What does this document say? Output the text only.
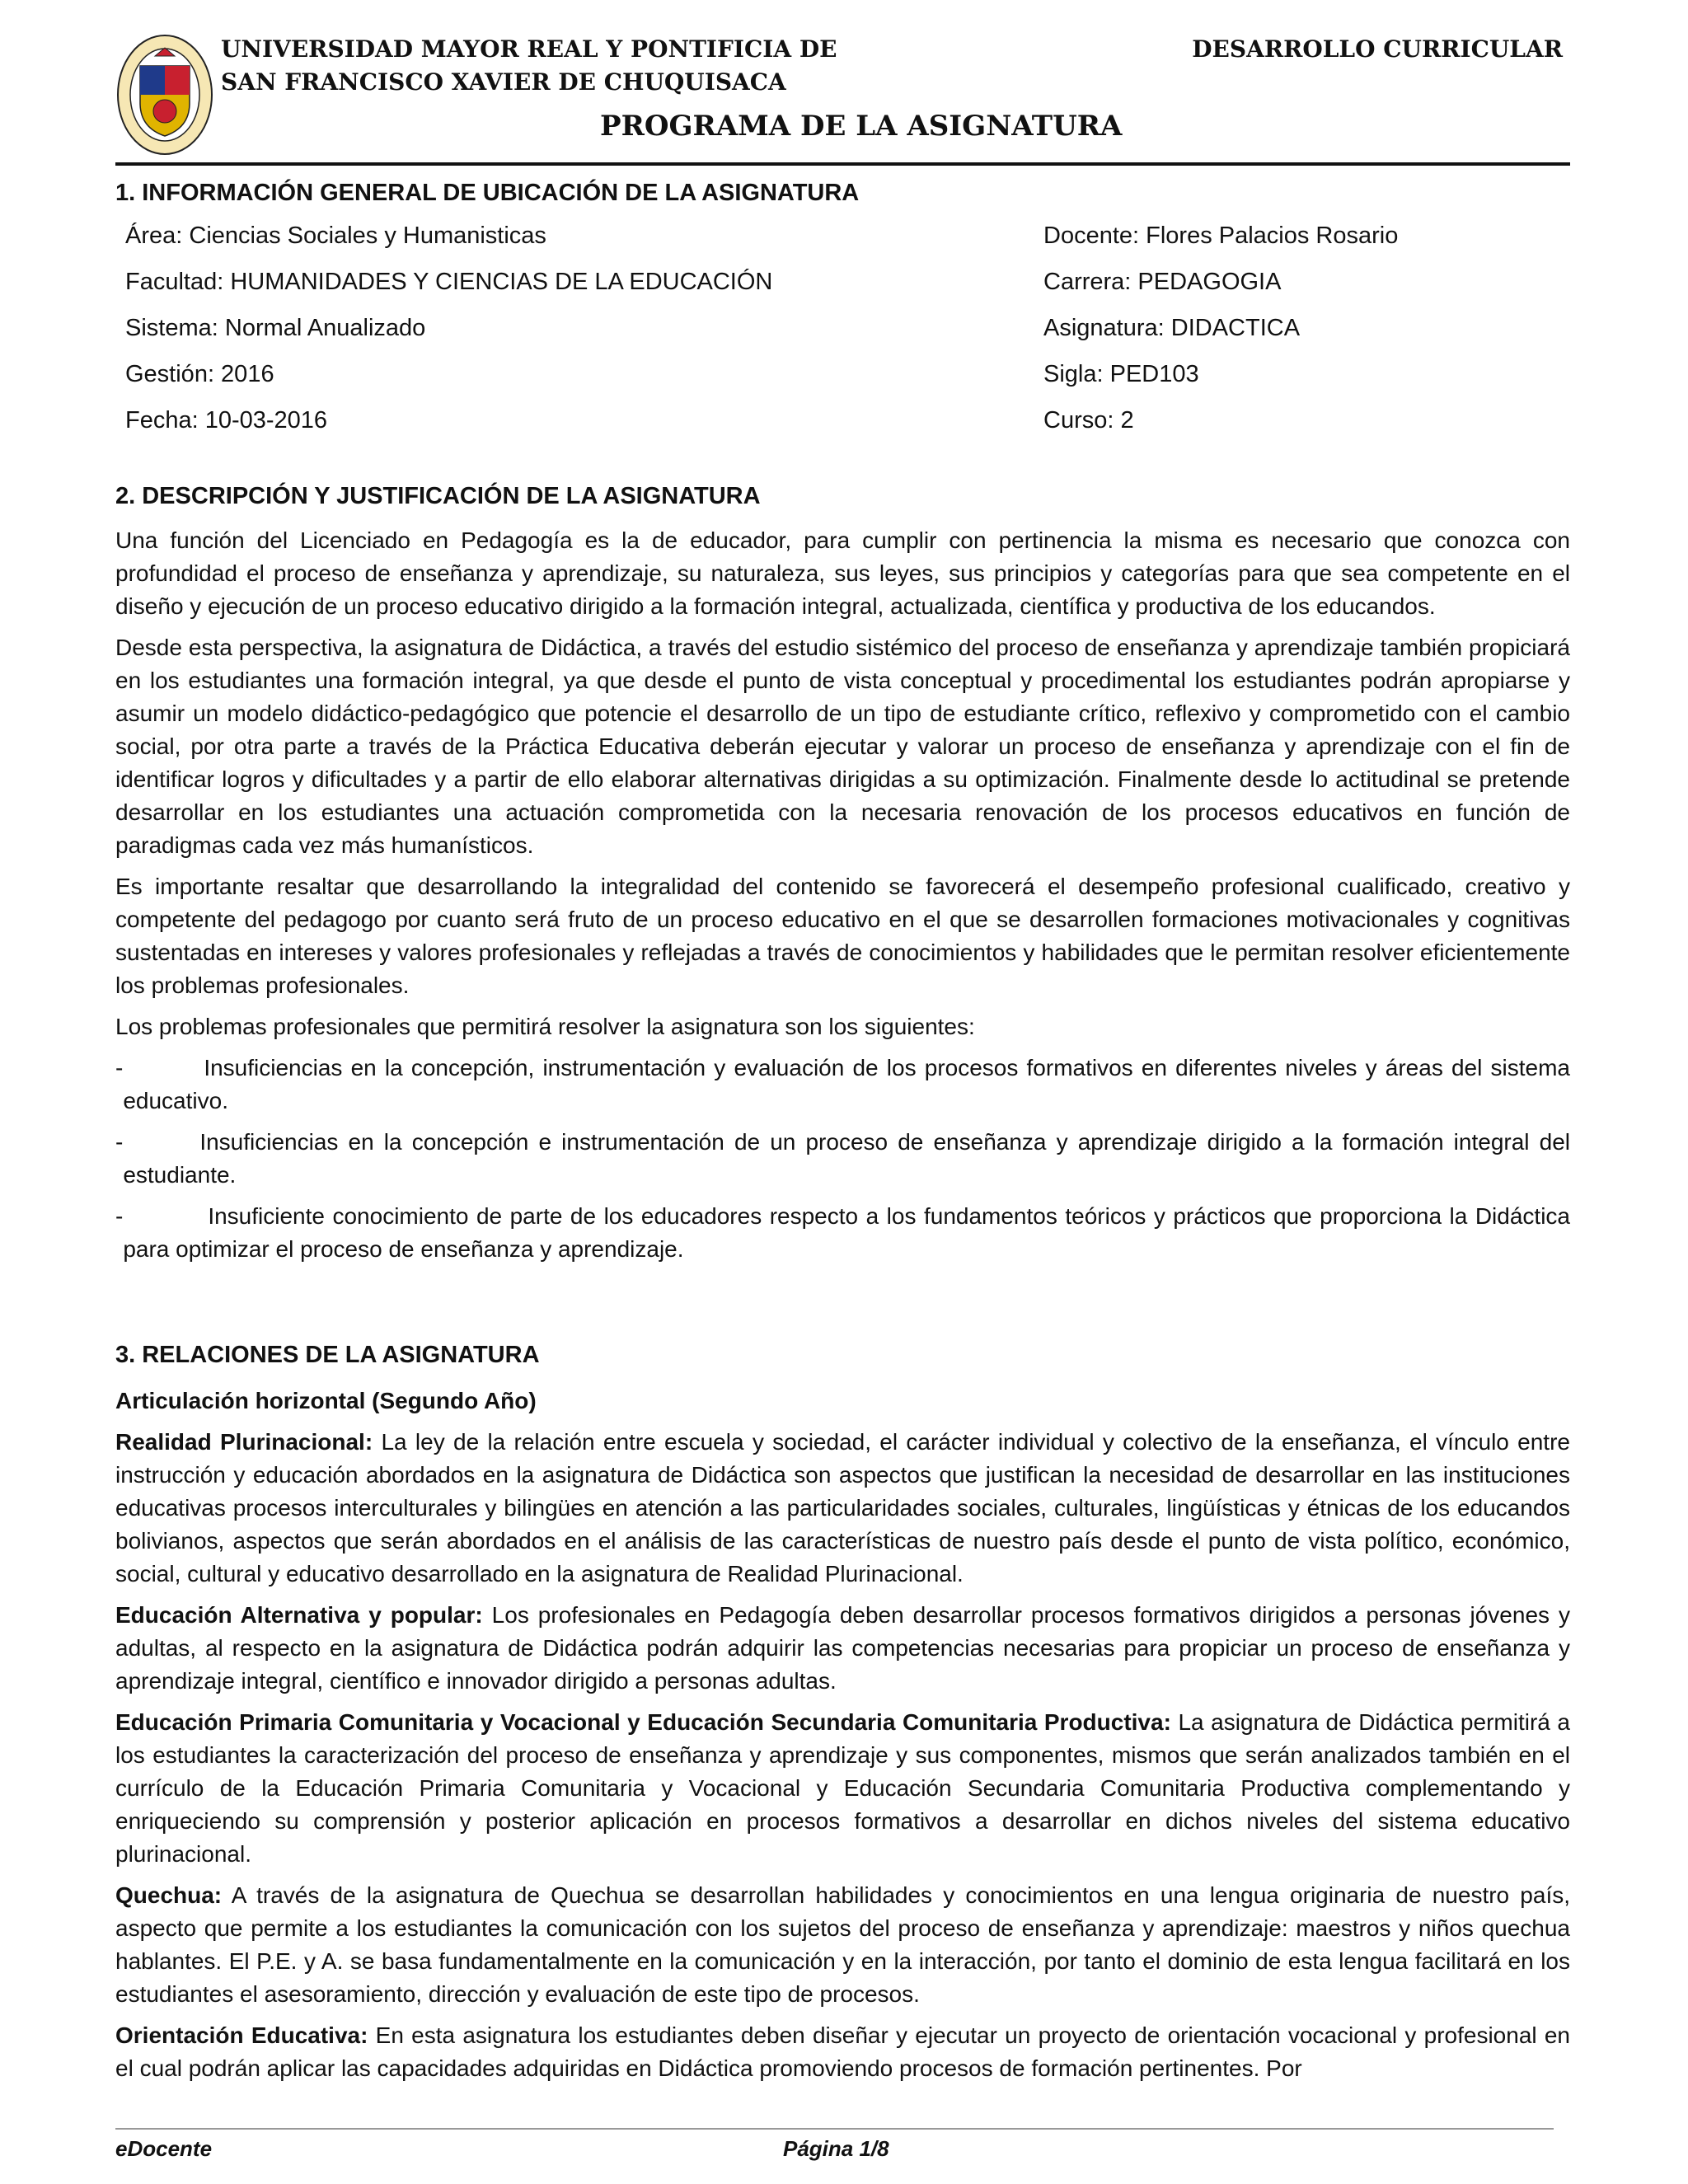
UNIVERSIDAD MAYOR REAL Y PONTIFICIA DE
SAN FRANCISCO XAVIER DE CHUQUISACA
DESARROLLO CURRICULAR
PROGRAMA DE LA ASIGNATURA
1. INFORMACIÓN GENERAL DE UBICACIÓN DE LA ASIGNATURA
Área: Ciencias Sociales y Humanisticas
Facultad: HUMANIDADES Y CIENCIAS DE LA EDUCACIÓN
Sistema: Normal Anualizado
Gestión: 2016
Fecha: 10-03-2016
Docente: Flores Palacios Rosario
Carrera: PEDAGOGIA
Asignatura: DIDACTICA
Sigla: PED103
Curso: 2
2. DESCRIPCIÓN Y JUSTIFICACIÓN DE LA ASIGNATURA

Una función del Licenciado en Pedagogía es la de educador, para cumplir con pertinencia la misma es necesario que conozca con profundidad el proceso de enseñanza y aprendizaje, su naturaleza, sus leyes, sus principios y categorías para que sea competente en el diseño y ejecución de un proceso educativo dirigido a la formación integral, actualizada, científica y productiva de los educandos.

Desde esta perspectiva, la asignatura de Didáctica, a través del estudio sistémico del proceso de enseñanza y aprendizaje también propiciará en los estudiantes una formación integral, ya que desde el punto de vista conceptual y procedimental los estudiantes podrán apropiarse y asumir un modelo didáctico-pedagógico que potencie el desarrollo de un tipo de estudiante crítico, reflexivo y comprometido con el cambio social, por otra parte a través de la Práctica Educativa deberán ejecutar y valorar un proceso de enseñanza y aprendizaje con el fin de identificar logros y dificultades y a partir de ello elaborar alternativas dirigidas a su optimización. Finalmente desde lo actitudinal se pretende desarrollar en los estudiantes una actuación comprometida con la necesaria renovación de los procesos educativos en función de paradigmas cada vez más humanísticos.

Es importante resaltar que desarrollando la integralidad del contenido se favorecerá el desempeño profesional cualificado, creativo y competente del pedagogo por cuanto será fruto de un proceso educativo en el que se desarrollen formaciones motivacionales y cognitivas sustentadas en intereses y valores profesionales y reflejadas a través de conocimientos y habilidades que le permitan resolver eficientemente los problemas profesionales.

Los problemas profesionales que permitirá resolver la asignatura son los siguientes:

-	Insuficiencias en la concepción, instrumentación y evaluación de los procesos formativos en diferentes niveles y áreas del sistema educativo.
-	Insuficiencias en la concepción e instrumentación de un proceso de enseñanza y aprendizaje dirigido a la formación integral del estudiante.
-	Insuficiente conocimiento de parte de los educadores respecto a los fundamentos teóricos y prácticos que proporciona la Didáctica para optimizar el proceso de enseñanza y aprendizaje.
3. RELACIONES DE LA ASIGNATURA

Articulación horizontal (Segundo Año)

Realidad Plurinacional: La ley de la relación entre escuela y sociedad, el carácter individual y colectivo de la enseñanza, el vínculo entre instrucción y educación abordados en la asignatura de Didáctica son aspectos que justifican la necesidad de desarrollar en las instituciones educativas procesos interculturales y bilingües en atención a las particularidades sociales, culturales, lingüísticas y étnicas de los educandos bolivianos, aspectos que serán abordados en el análisis de las características de nuestro país desde el punto de vista político, económico, social, cultural y educativo desarrollado en la asignatura de Realidad Plurinacional.

Educación Alternativa y popular: Los profesionales en Pedagogía deben desarrollar procesos formativos dirigidos a personas jóvenes y adultas, al respecto en la asignatura de Didáctica podrán adquirir las competencias necesarias para propiciar un proceso de enseñanza y aprendizaje integral, científico e innovador dirigido a personas adultas.

Educación Primaria Comunitaria y Vocacional y Educación Secundaria Comunitaria Productiva: La asignatura de Didáctica permitirá a los estudiantes la caracterización del proceso de enseñanza y aprendizaje y sus componentes, mismos que serán analizados también en el currículo de la Educación Primaria Comunitaria y Vocacional y Educación Secundaria Comunitaria Productiva complementando y enriqueciendo su comprensión y posterior aplicación en procesos formativos a desarrollar en dichos niveles del sistema educativo plurinacional.

Quechua: A través de la asignatura de Quechua se desarrollan habilidades y conocimientos en una lengua originaria de nuestro país, aspecto que permite a los estudiantes la comunicación con los sujetos del proceso de enseñanza y aprendizaje: maestros y niños quechua hablantes. El P.E. y A. se basa fundamentalmente en la comunicación y en la interacción, por tanto el dominio de esta lengua facilitará en los estudiantes el asesoramiento, dirección y evaluación de este tipo de procesos.

Orientación Educativa: En esta asignatura los estudiantes deben diseñar y ejecutar un proyecto de orientación vocacional y profesional en el cual podrán aplicar las capacidades adquiridas en Didáctica promoviendo procesos de formación pertinentes. Por

eDocente	Página 1/8
